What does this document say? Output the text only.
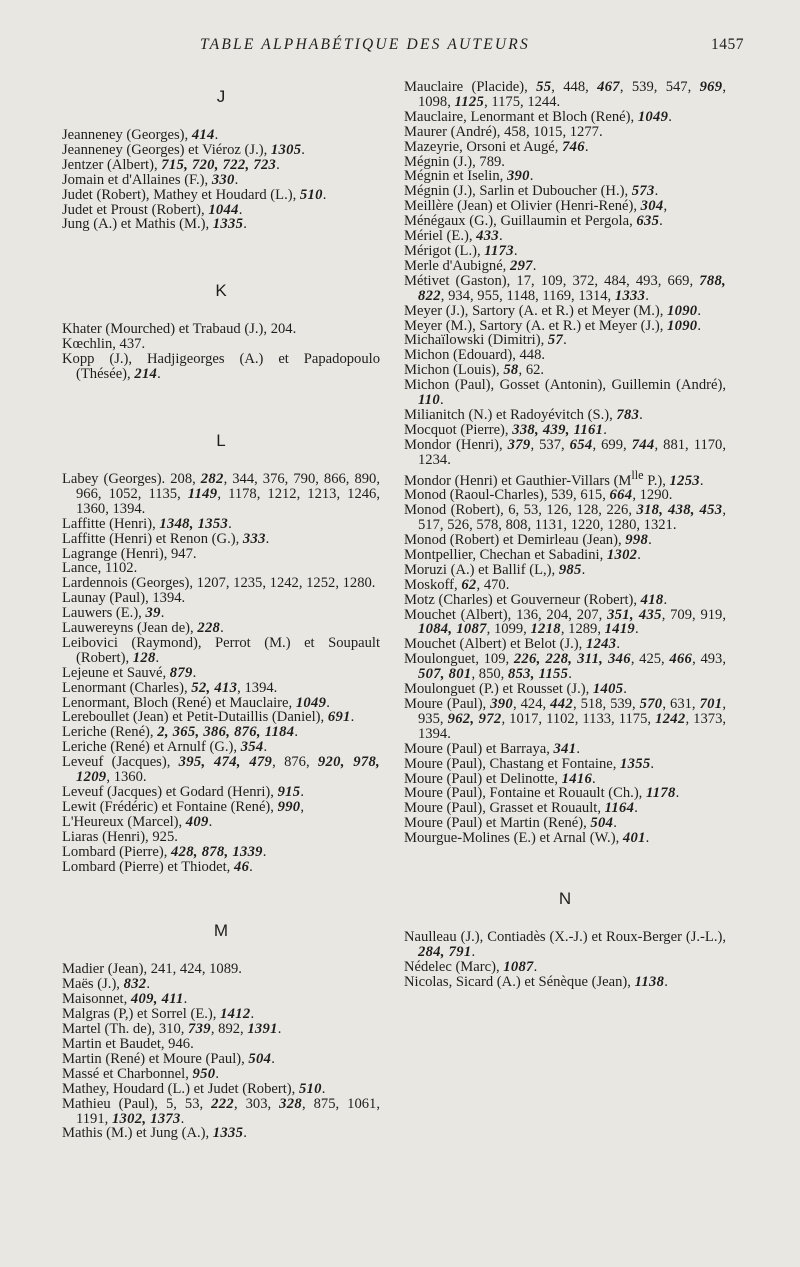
TABLE ALPHABÉTIQUE DES AUTEURS	1457
J
Jeanneney (Georges), 414.
Jeanneney (Georges) et Viéroz (J.), 1305.
Jentzer (Albert), 715, 720, 722, 723.
Jomain et d'Allaines (F.), 330.
Judet (Robert), Mathey et Houdard (L.), 510.
Judet et Proust (Robert), 1044.
Jung (A.) et Mathis (M.), 1335.
K
Khater (Mourched) et Trabaud (J.), 204.
Kœchlin, 437.
Kopp (J.), Hadjigeorges (A.) et Papadopoulo (Thésée), 214.
L
Labey (Georges). 208, 282, 344, 376, 790, 866, 890, 966, 1052, 1135, 1149, 1178, 1212, 1213, 1246, 1360, 1394.
Laffitte (Henri), 1348, 1353.
Laffitte (Henri) et Renon (G.), 333.
Lagrange (Henri), 947.
Lance, 1102.
Lardennois (Georges), 1207, 1235, 1242, 1252, 1280.
Launay (Paul), 1394.
Lauwers (E.), 39.
Lauwereyns (Jean de), 228.
Leibovici (Raymond), Perrot (M.) et Soupault (Robert), 128.
Lejeune et Sauvé, 879.
Lenormant (Charles), 52, 413, 1394.
Lenormant, Bloch (René) et Mauclaire, 1049.
Lereboullet (Jean) et Petit-Dutaillis (Daniel), 691.
Leriche (René), 2, 365, 386, 876, 1184.
Leriche (René) et Arnulf (G.), 354.
Leveuf (Jacques), 395, 474, 479, 876, 920, 978, 1209, 1360.
Leveuf (Jacques) et Godard (Henri), 915.
Lewit (Frédéric) et Fontaine (René), 990,
L'Heureux (Marcel), 409.
Liaras (Henri), 925.
Lombard (Pierre), 428, 878, 1339.
Lombard (Pierre) et Thiodet, 46.
M
Madier (Jean), 241, 424, 1089.
Maës (J.), 832.
Maisonnet, 409, 411.
Malgras (P,) et Sorrel (E.), 1412.
Martel (Th. de), 310, 739, 892, 1391.
Martin et Baudet, 946.
Martin (René) et Moure (Paul), 504.
Massé et Charbonnel, 950.
Mathey, Houdard (L.) et Judet (Robert), 510.
Mathieu (Paul), 5, 53, 222, 303, 328, 875, 1061, 1191, 1302, 1373.
Mathis (M.) et Jung (A.), 1335.
Mauclaire (Placide), 55, 448, 467, 539, 547, 969, 1098, 1125, 1175, 1244.
Mauclaire, Lenormant et Bloch (René), 1049.
Maurer (André), 458, 1015, 1277.
Mazeyrie, Orsoni et Augé, 746.
Mégnin (J.), 789.
Mégnin et Iselin, 390.
Mégnin (J.), Sarlin et Duboucher (H.), 573.
Meillère (Jean) et Olivier (Henri-René), 304,
Ménégaux (G.), Guillaumin et Pergola, 635.
Mériel (E.), 433.
Mérigot (L.), 1173.
Merle d'Aubigné, 297.
Métivet (Gaston), 17, 109, 372, 484, 493, 669, 788, 822, 934, 955, 1148, 1169, 1314, 1333.
Meyer (J.), Sartory (A. et R.) et Meyer (M.), 1090.
Meyer (M.), Sartory (A. et R.) et Meyer (J.), 1090.
Michaïlowski (Dimitri), 57.
Michon (Edouard), 448.
Michon (Louis), 58, 62.
Michon (Paul), Gosset (Antonin), Guillemin (André), 110.
Milianitch (N.) et Radoyévitch (S.), 783.
Mocquot (Pierre), 338, 439, 1161.
Mondor (Henri), 379, 537, 654, 699, 744, 881, 1170, 1234.
Mondor (Henri) et Gauthier-Villars ($M^{lle}$ P.), 1253.
Monod (Raoul-Charles), 539, 615, 664, 1290.
Monod (Robert), 6, 53, 126, 128, 226, 318, 438, 453, 517, 526, 578, 808, 1131, 1220, 1280, 1321.
Monod (Robert) et Demirleau (Jean), 998.
Montpellier, Chechan et Sabadini, 1302.
Moruzi (A.) et Ballif (L,), 985.
Moskoff, 62, 470.
Motz (Charles) et Gouverneur (Robert), 418.
Mouchet (Albert), 136, 204, 207, 351, 435, 709, 919, 1084, 1087, 1099, 1218, 1289, 1419.
Mouchet (Albert) et Belot (J.), 1243.
Moulonguet, 109, 226, 228, 311, 346, 425, 466, 493, 507, 801, 850, 853, 1155.
Moulonguet (P.) et Rousset (J.), 1405.
Moure (Paul), 390, 424, 442, 518, 539, 570, 631, 701, 935, 962, 972, 1017, 1102, 1133, 1175, 1242, 1373, 1394.
Moure (Paul) et Barraya, 341.
Moure (Paul), Chastang et Fontaine, 1355.
Moure (Paul) et Delinotte, 1416.
Moure (Paul), Fontaine et Rouault (Ch.), 1178.
Moure (Paul), Grasset et Rouault, 1164.
Moure (Paul) et Martin (René), 504.
Mourgue-Molines (E.) et Arnal (W.), 401.
N
Naulleau (J.), Contiadès (X.-J.) et Roux-Berger (J.-L.), 284, 791.
Nédelec (Marc), 1087.
Nicolas, Sicard (A.) et Sénèque (Jean), 1138.
